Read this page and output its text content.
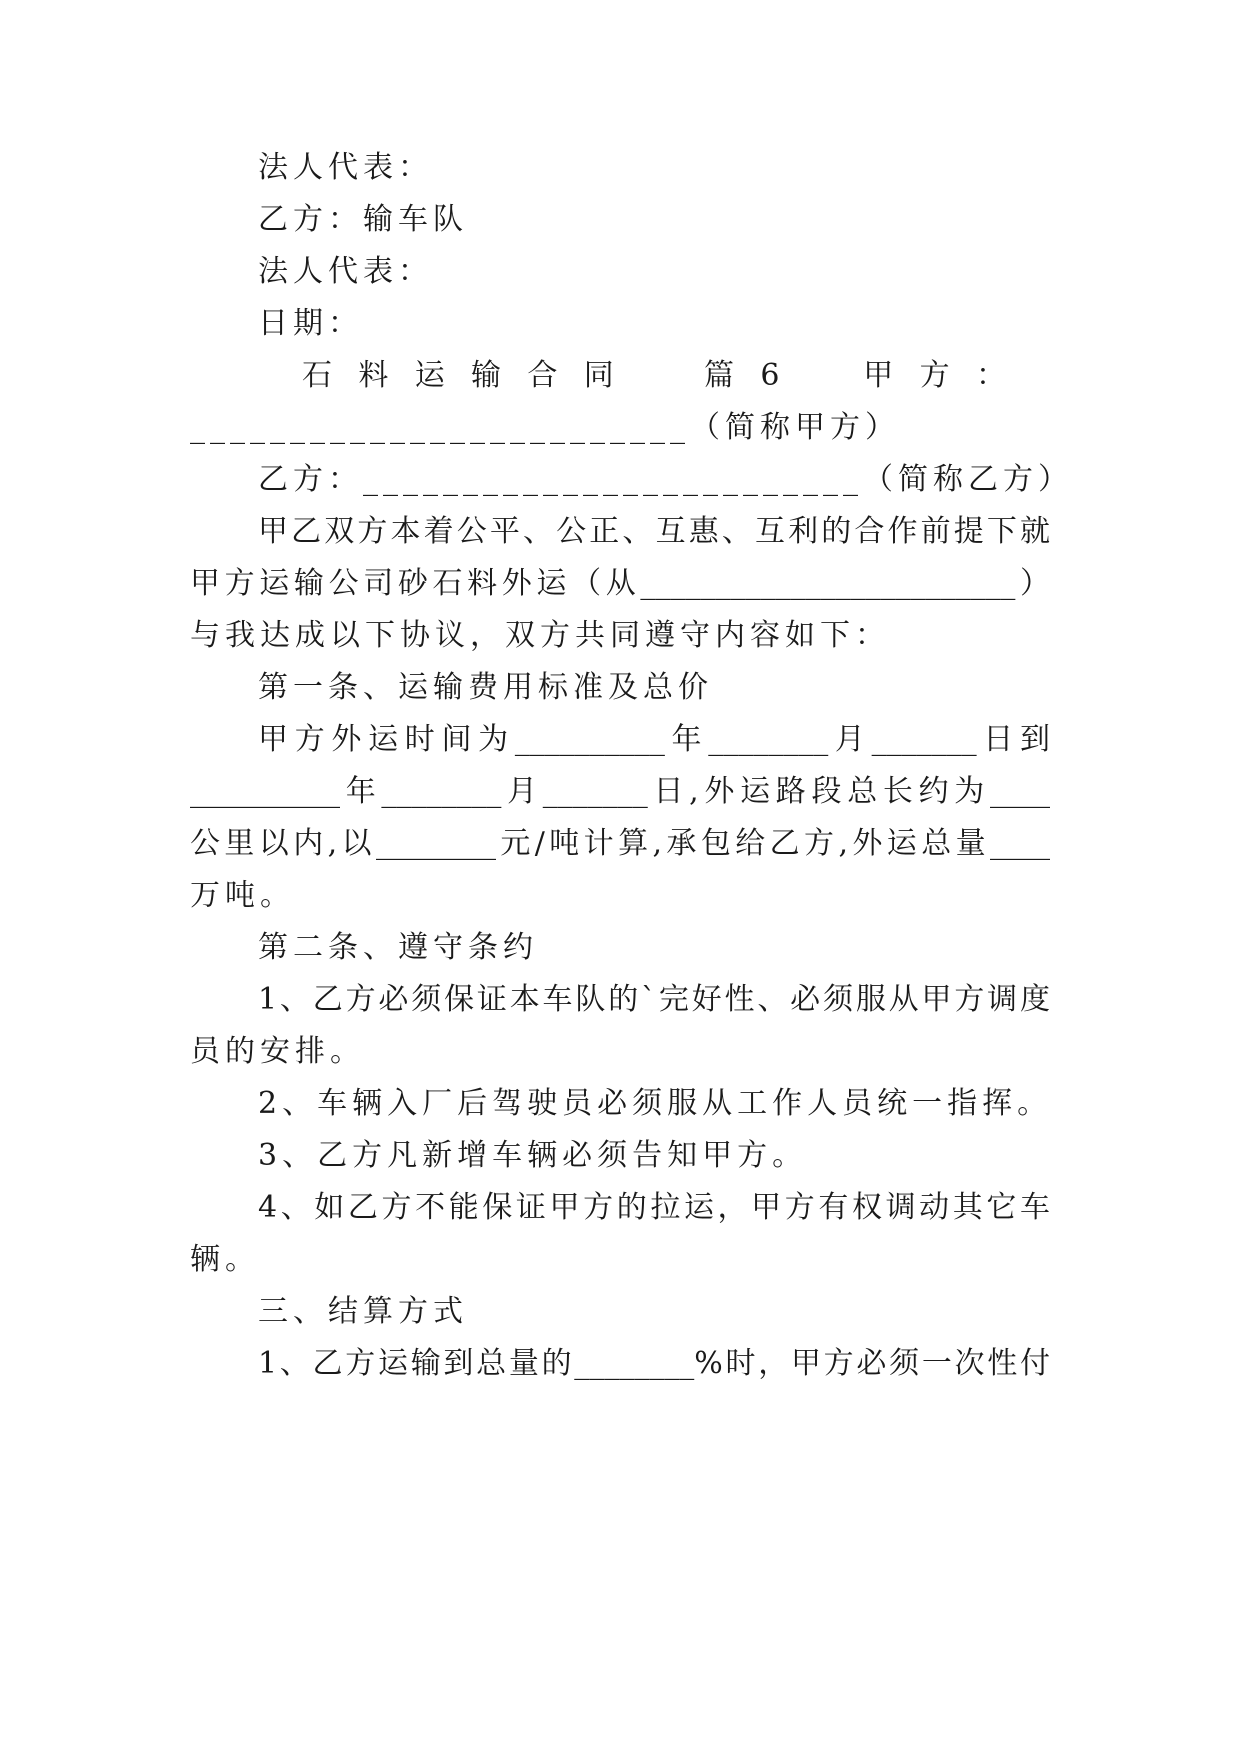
法人代表：
乙方：输车队
法人代表：
日期：
石料运输合同 篇6 甲方：
_________________________（简称甲方）
乙方：_________________________（简称乙方）
甲乙双方本着公平、公正、互惠、互利的合作前提下就
甲方运输公司砂石料外运（从_________________________）
与我达成以下协议，双方共同遵守内容如下：
第一条、运输费用标准及总价
甲方外运时间为__________年________月_______日到
__________年________月_______日,外运路段总长约为____
公里以内,以________元/吨计算,承包给乙方,外运总量____
万吨。
第二条、遵守条约
1、乙方必须保证本车队的`完好性、必须服从甲方调度
员的安排。
2、车辆入厂后驾驶员必须服从工作人员统一指挥。
3、乙方凡新增车辆必须告知甲方。
4、如乙方不能保证甲方的拉运，甲方有权调动其它车
辆。
三、结算方式
1、乙方运输到总量的________%时，甲方必须一次性付
